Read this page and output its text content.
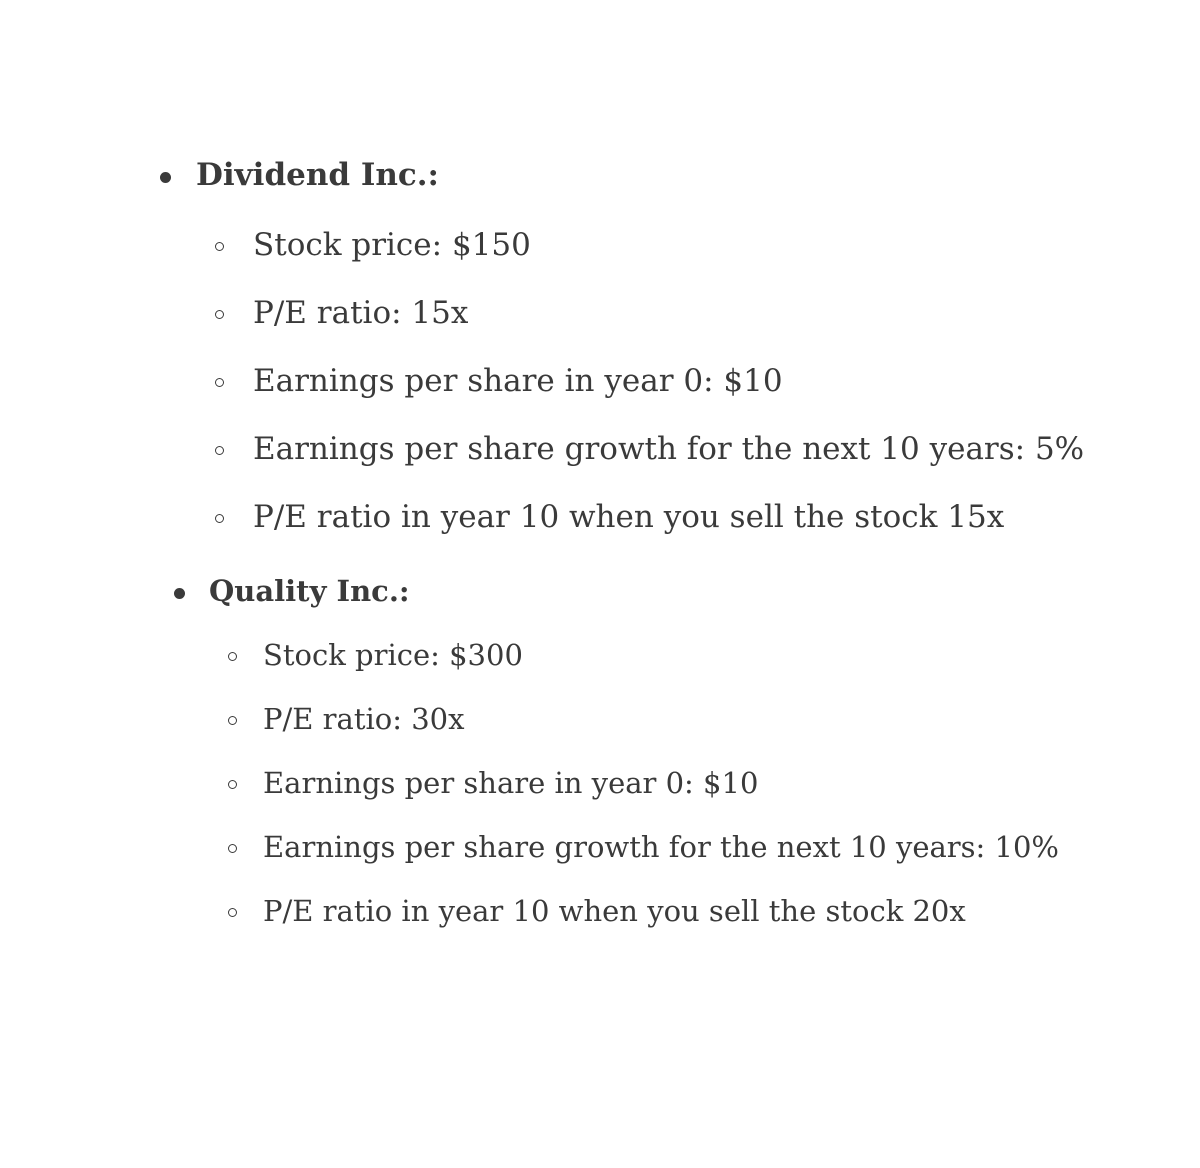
Dividend Inc.:
Stock price: $150
P/E ratio: 15x
Earnings per share in year 0: $10
Earnings per share growth for the next 10 years: 5%
P/E ratio in year 10 when you sell the stock 15x
Quality Inc.:
Stock price: $300
P/E ratio: 30x
Earnings per share in year 0: $10
Earnings per share growth for the next 10 years: 10%
P/E ratio in year 10 when you sell the stock 20x
